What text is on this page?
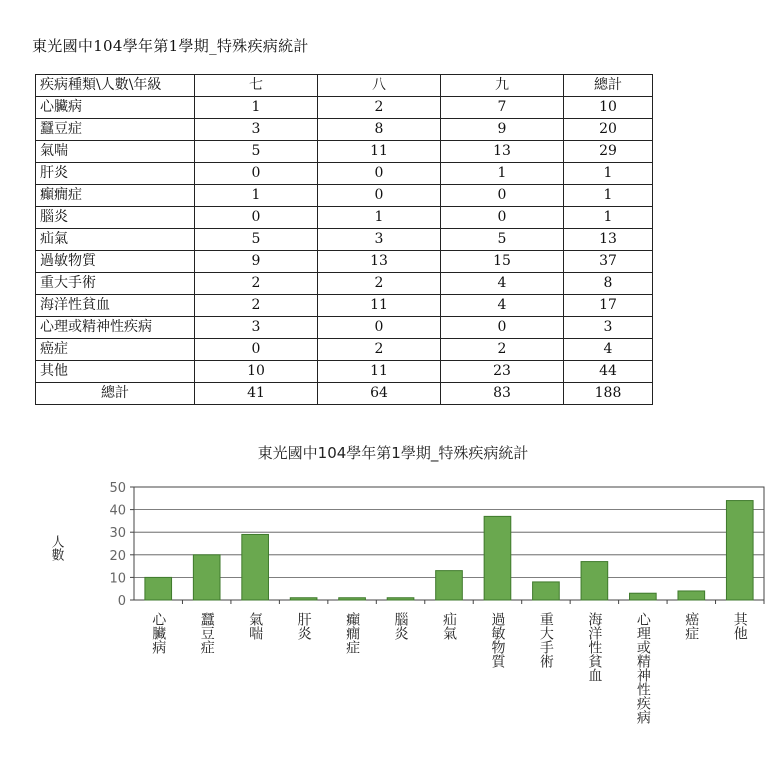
東光國中104學年第1學期_特殊疾病統計
疾病種類\人數\年級	七	八	九	總計
心臟病	1	2	7	10
蠶豆症	3	8	9	20
氣喘	5	11	13	29
肝炎	0	0	1	1
癲癇症	1	0	0	1
腦炎	0	1	0	1
疝氣	5	3	5	13
過敏物質	9	13	15	37
重大手術	2	2	4	8
海洋性貧血	2	11	4	17
心理或精神性疾病	3	0	0	3
癌症	0	2	2	4
其他	10	11	23	44
總計	41	64	83	188
東光國中104學年第1學期_特殊疾病統計
0
10
20
30
40
50
人數
心臟病 蠶豆症 氣喘 肝炎 癲癇症 腦炎 疝氣 過敏物質 重大手術 海洋性貧血 心理或精神性疾病 癌症 其他
